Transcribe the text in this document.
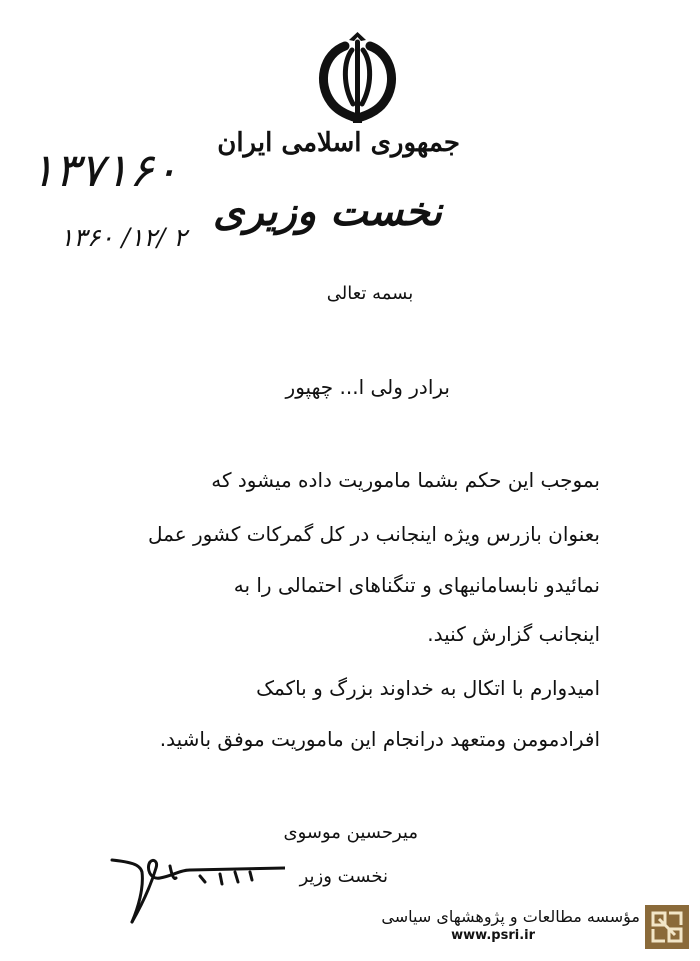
جمهوری اسلامی ایران
نخست وزیری
۱۳۷۱۶۰
۱۳۶۰ /۱۲/ ۲
بسمه تعالی
برادر ولی ا... چهپور
بموجب این حکم بشما ماموریت داده میشود که
بعنوان بازرس ویژه اینجانب در کل گمرکات کشور عمل
نمائیدو نابسامانیهای و تنگناهای احتمالی را به
اینجانب گزارش کنید.
امیدوارم با اتکال به خداوند بزرگ و باکمک
افرادمومن ومتعهد درانجام این ماموریت موفق باشید.
میرحسین موسوی
نخست وزیر
مؤسسه مطالعات و پژوهشهای سیاسی
www.psri.ir
